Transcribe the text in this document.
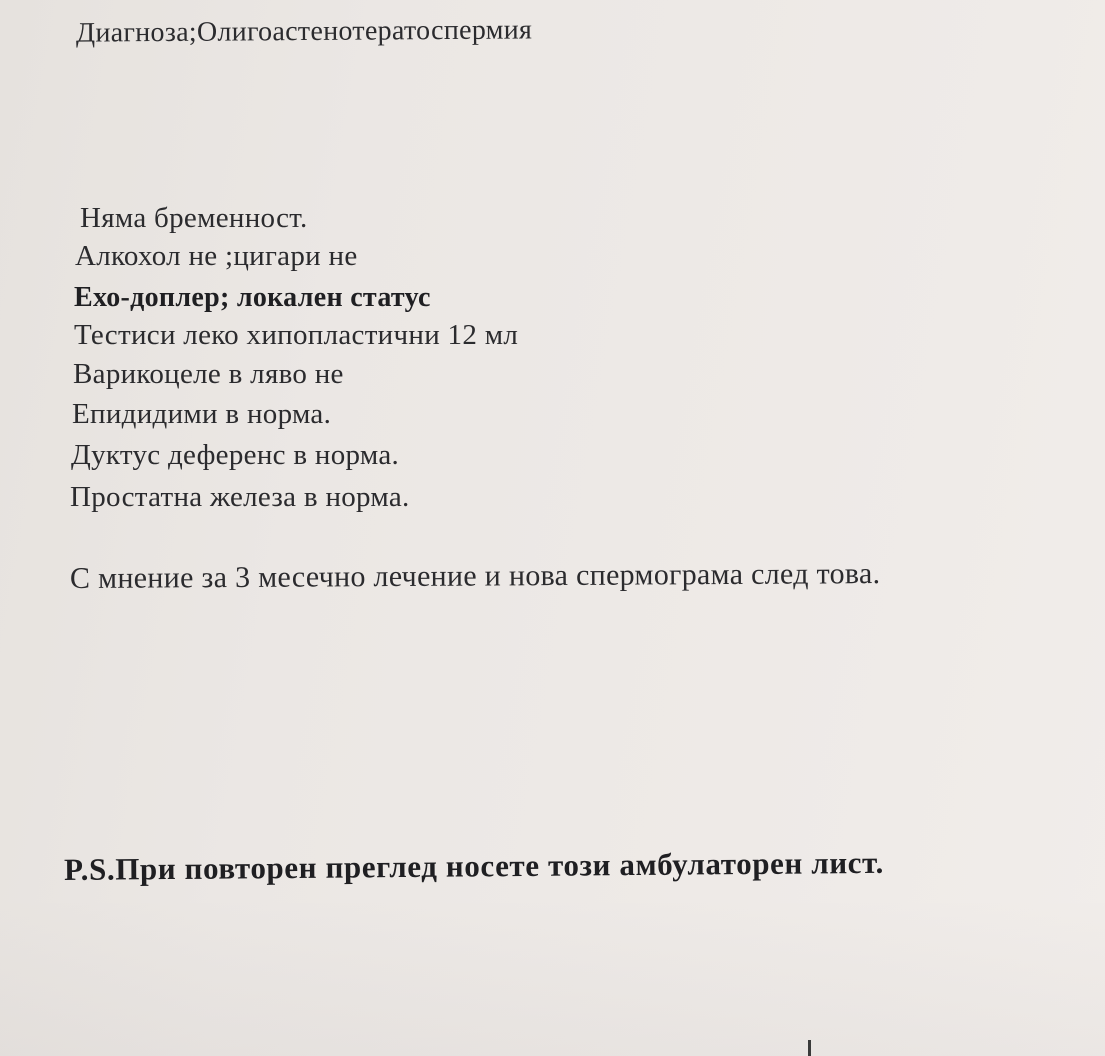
Диагноза;Олигоастенотератоспермия
Няма бременност.
Алкохол не ;цигари не
Ехо-доплер; локален статус
Тестиси леко хипопластични 12 мл
Варикоцеле в ляво не
Епидидими в норма.
Дуктус деференс в норма.
Простатна железа в норма.
С мнение за 3 месечно лечение и нова спермограма след това.
P.S.При повторен преглед носете този амбулаторен лист.
